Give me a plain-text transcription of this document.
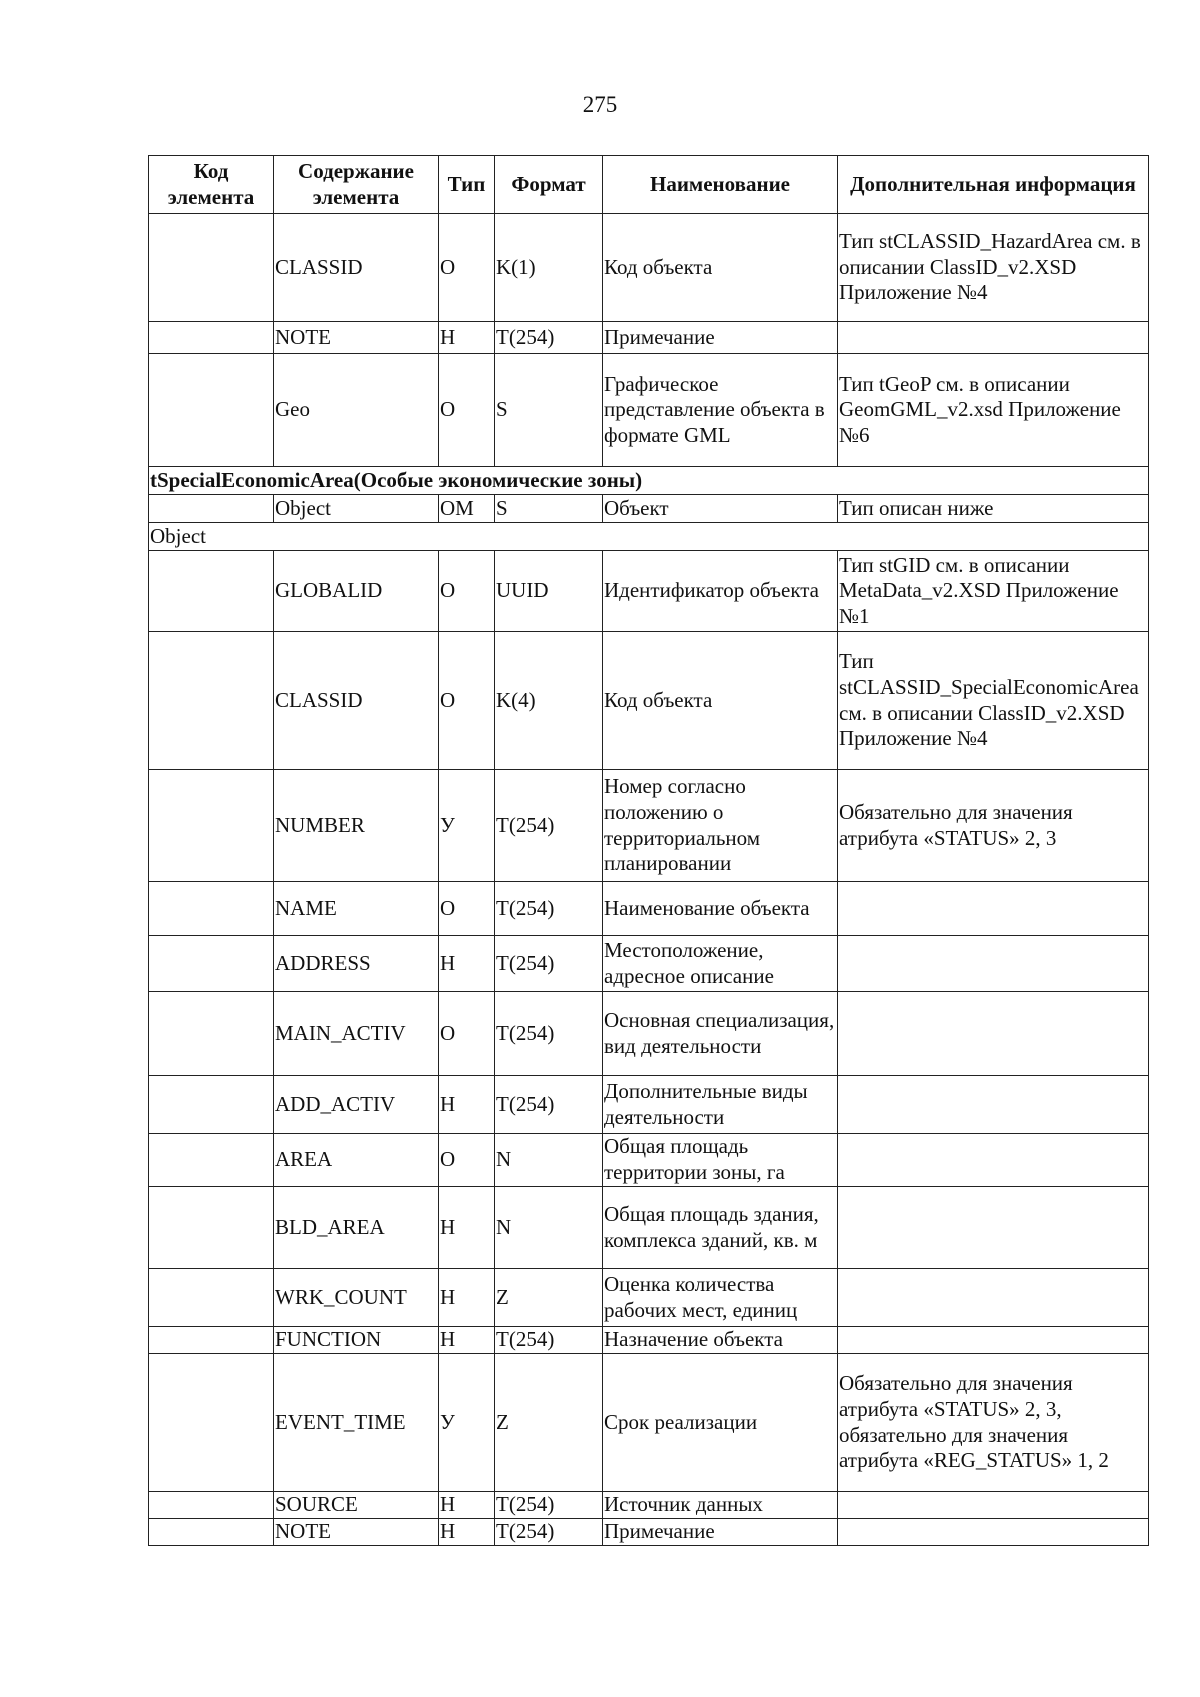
275
Код элемента	Содержание элемента	Тип	Формат	Наименование	Дополнительная информация
	CLASSID	О	K(1)	Код объекта	Тип stCLASSID_HazardArea см. в описании ClassID_v2.XSD Приложение №4
	NOTE	Н	T(254)	Примечание	
	Geo	О	S	Графическое представление объекта в формате GML	Тип tGeoP см. в описании GeomGML_v2.xsd Приложение №6
tSpecialEconomicArea(Особые экономические зоны)					
	Object	ОМ	S	Объект	Тип описан ниже
Object					
	GLOBALID	О	UUID	Идентификатор объекта	Тип stGID см. в описании MetaData_v2.XSD Приложение №1
	CLASSID	О	K(4)	Код объекта	Тип stCLASSID_SpecialEconomicArea см. в описании ClassID_v2.XSD Приложение №4
	NUMBER	У	T(254)	Номер согласно положению о территориальном планировании	Обязательно для значения атрибута «STATUS» 2, 3
	NAME	О	T(254)	Наименование объекта	
	ADDRESS	Н	T(254)	Местоположение, адресное описание	
	MAIN_ACTIV	О	T(254)	Основная специализация, вид деятельности	
	ADD_ACTIV	Н	T(254)	Дополнительные виды деятельности	
	AREA	О	N	Общая площадь территории зоны, га	
	BLD_AREA	Н	N	Общая площадь здания, комплекса зданий, кв. м	
	WRK_COUNT	Н	Z	Оценка количества рабочих мест, единиц	
	FUNCTION	Н	T(254)	Назначение объекта	
	EVENT_TIME	У	Z	Срок реализации	Обязательно для значения атрибута «STATUS» 2, 3, обязательно для значения атрибута «REG_STATUS» 1, 2
	SOURCE	Н	T(254)	Источник данных	
	NOTE	Н	T(254)	Примечание	
